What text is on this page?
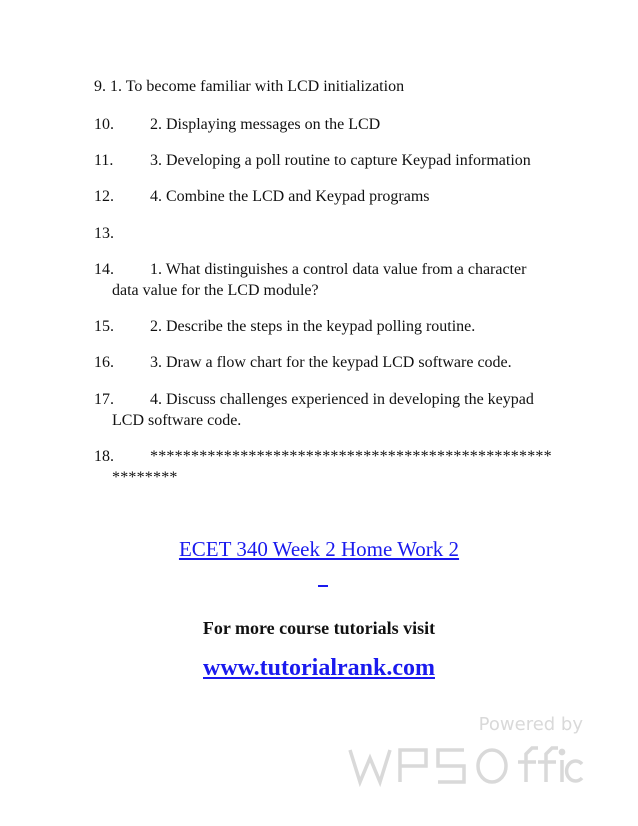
9. 1. To become familiar with LCD initialization
10. 2. Displaying messages on the LCD
11. 3. Developing a poll routine to capture Keypad information
12. 4. Combine the LCD and Keypad programs
13.
14. 1. What distinguishes a control data value from a character
data value for the LCD module?
15. 2. Describe the steps in the keypad polling routine.
16. 3. Draw a flow chart for the keypad LCD software code.
17. 4. Discuss challenges experienced in developing the keypad
LCD software code.
18. *************************************************
********
ECET 340 Week 2 Home Work 2
For more course tutorials visit
www.tutorialrank.com
Powered by
